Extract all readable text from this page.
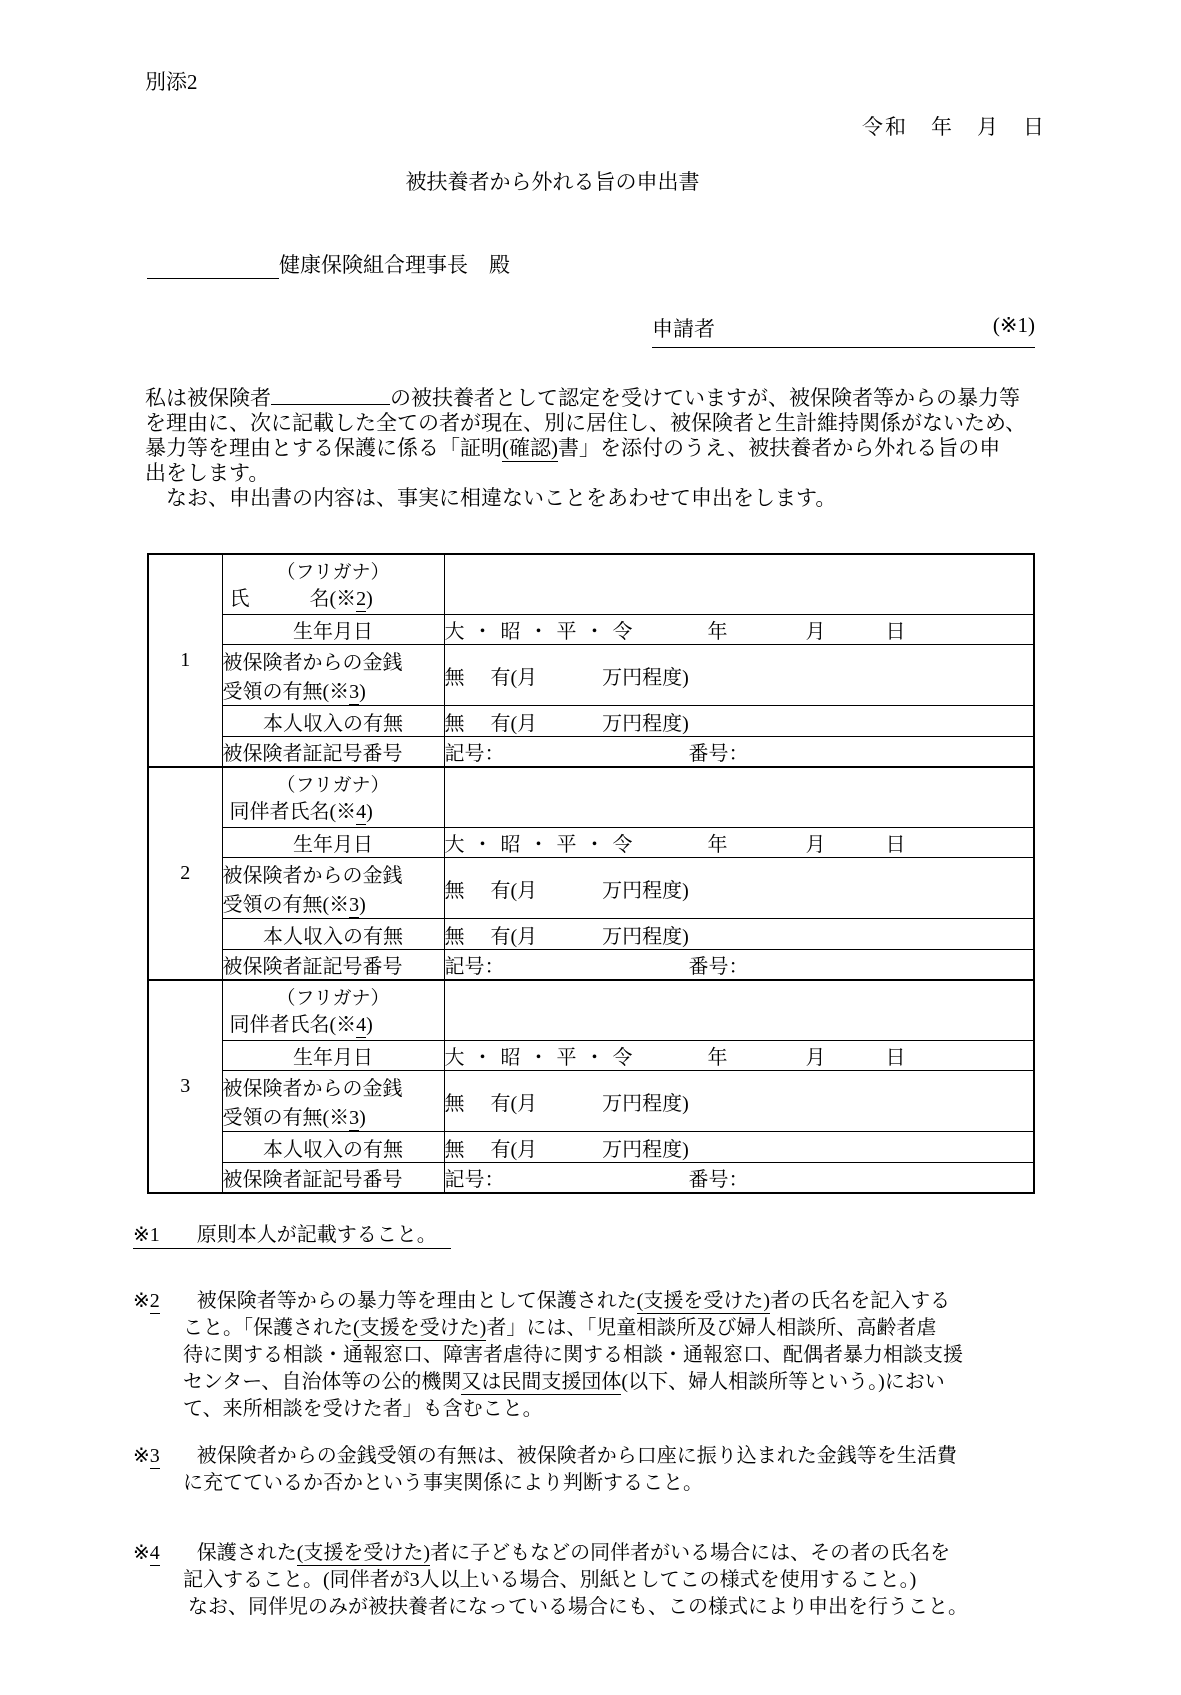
別添2
令和　年　月　日
被扶養者から外れる旨の申出書
健康保険組合理事長　殿
申請者	(※1)
私は被保険者	の被扶養者として認定を受けていますが、被保険者等からの暴力等
を理由に、次に記載した全ての者が現在、別に居住し、被保険者と生計維持関係がないため、
暴力等を理由とする保護に係る「証明(確認)書」を添付のうえ、被扶養者から外れる旨の申
出をします。
　なお、申出書の内容は、事実に相違ないことをあわせて申出をします。
1	（フリガナ）
氏　　　名(※2)	

	生年月日	大・昭・平・令 年 月 日

	被保険者からの金銭
受領の有無(※3)	無 有(月 万円程度)
	本人収入の有無	無 有(月 万円程度)
	被保険者証記号番号	記号： 番号：
2	（フリガナ）
同伴者氏名(※4)	

	生年月日	大・昭・平・令 年 月 日

	被保険者からの金銭
受領の有無(※3)	無 有(月 万円程度)
	本人収入の有無	無 有(月 万円程度)
	被保険者証記号番号	記号： 番号：
3	（フリガナ）
同伴者氏名(※4)	

	生年月日	大・昭・平・令 年 月 日

	被保険者からの金銭
受領の有無(※3)	無 有(月 万円程度)
	本人収入の有無	無 有(月 万円程度)
	被保険者証記号番号	記号： 番号：
※1 原則本人が記載すること。
※2 被保険者等からの暴力等を理由として保護された(支援を受けた)者の氏名を記入する
こと。「保護された(支援を受けた)者」には、「児童相談所及び婦人相談所、高齢者虐
待に関する相談・通報窓口、障害者虐待に関する相談・通報窓口、配偶者暴力相談支援
センター、自治体等の公的機関又は民間支援団体(以下、婦人相談所等という。)におい
て、来所相談を受けた者」も含むこと。
※3 被保険者からの金銭受領の有無は、被保険者から口座に振り込まれた金銭等を生活費
に充てているか否かという事実関係により判断すること。
※4 保護された(支援を受けた)者に子どもなどの同伴者がいる場合には、その者の氏名を
記入すること。(同伴者が3人以上いる場合、別紙としてこの様式を使用すること。)
なお、同伴児のみが被扶養者になっている場合にも、この様式により申出を行うこと。
